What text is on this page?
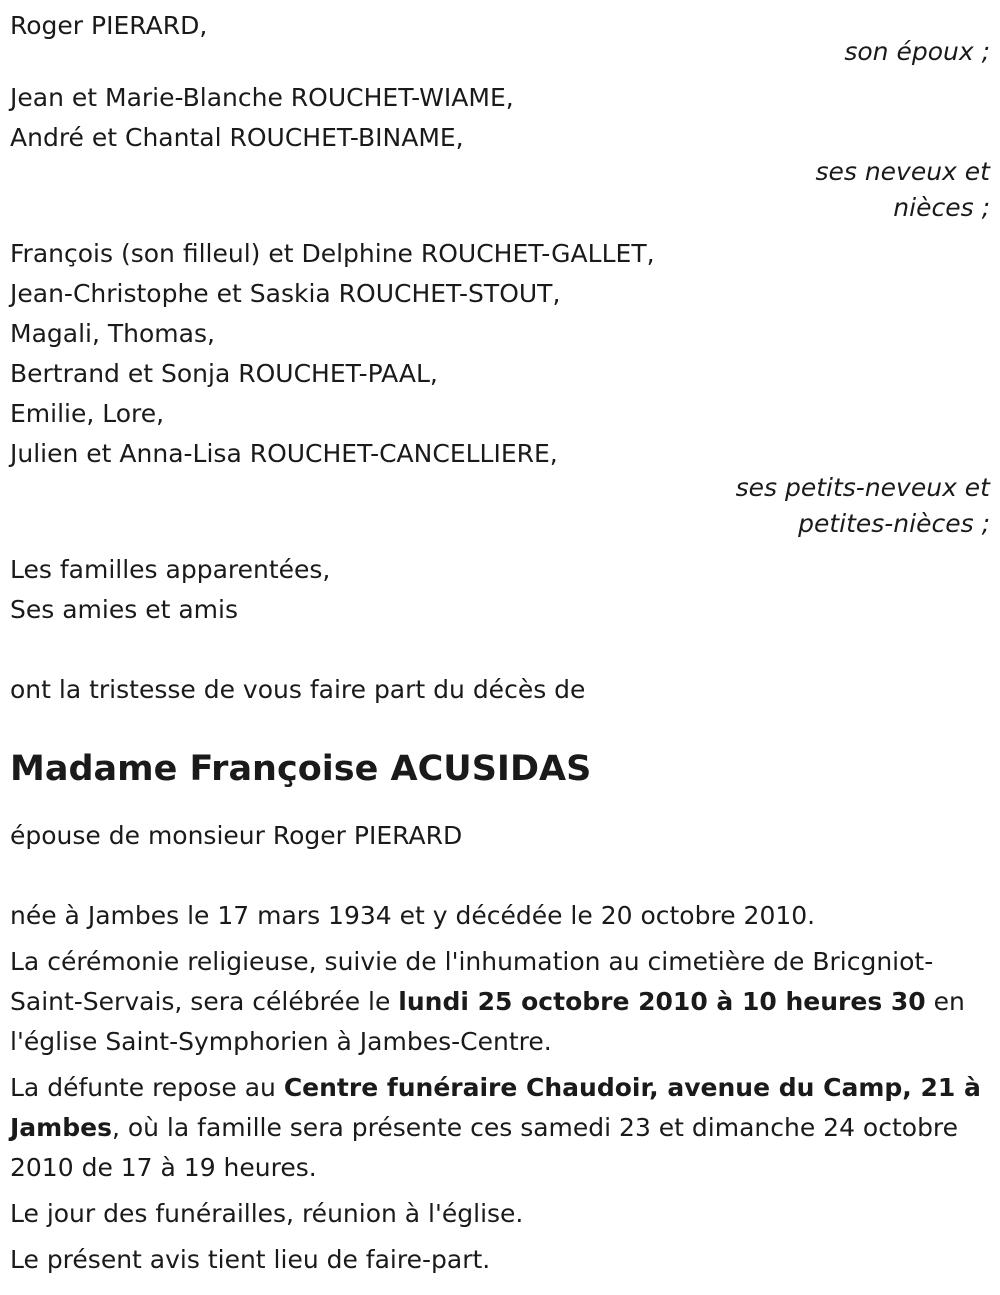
Roger PIERARD,
son époux ;
Jean et Marie-Blanche ROUCHET-WIAME,
André et Chantal ROUCHET-BINAME,
ses neveux et
nièces ;
François (son filleul) et Delphine ROUCHET-GALLET,
Jean-Christophe et Saskia ROUCHET-STOUT,
Magali, Thomas,
Bertrand et Sonja ROUCHET-PAAL,
Emilie, Lore,
Julien et Anna-Lisa ROUCHET-CANCELLIERE,
ses petits-neveux et
petites-nièces ;
Les familles apparentées,
Ses amies et amis
ont la tristesse de vous faire part du décès de
Madame Françoise ACUSIDAS
épouse de monsieur Roger PIERARD
née à Jambes le 17 mars 1934 et y décédée le 20 octobre 2010.
La cérémonie religieuse, suivie de l'inhumation au cimetière de Bricgniot-Saint-Servais, sera célébrée le lundi 25 octobre 2010 à 10 heures 30 en l'église Saint-Symphorien à Jambes-Centre.
La défunte repose au Centre funéraire Chaudoir, avenue du Camp, 21 à Jambes, où la famille sera présente ces samedi 23 et dimanche 24 octobre 2010 de 17 à 19 heures.
Le jour des funérailles, réunion à l'église.
Le présent avis tient lieu de faire-part.
